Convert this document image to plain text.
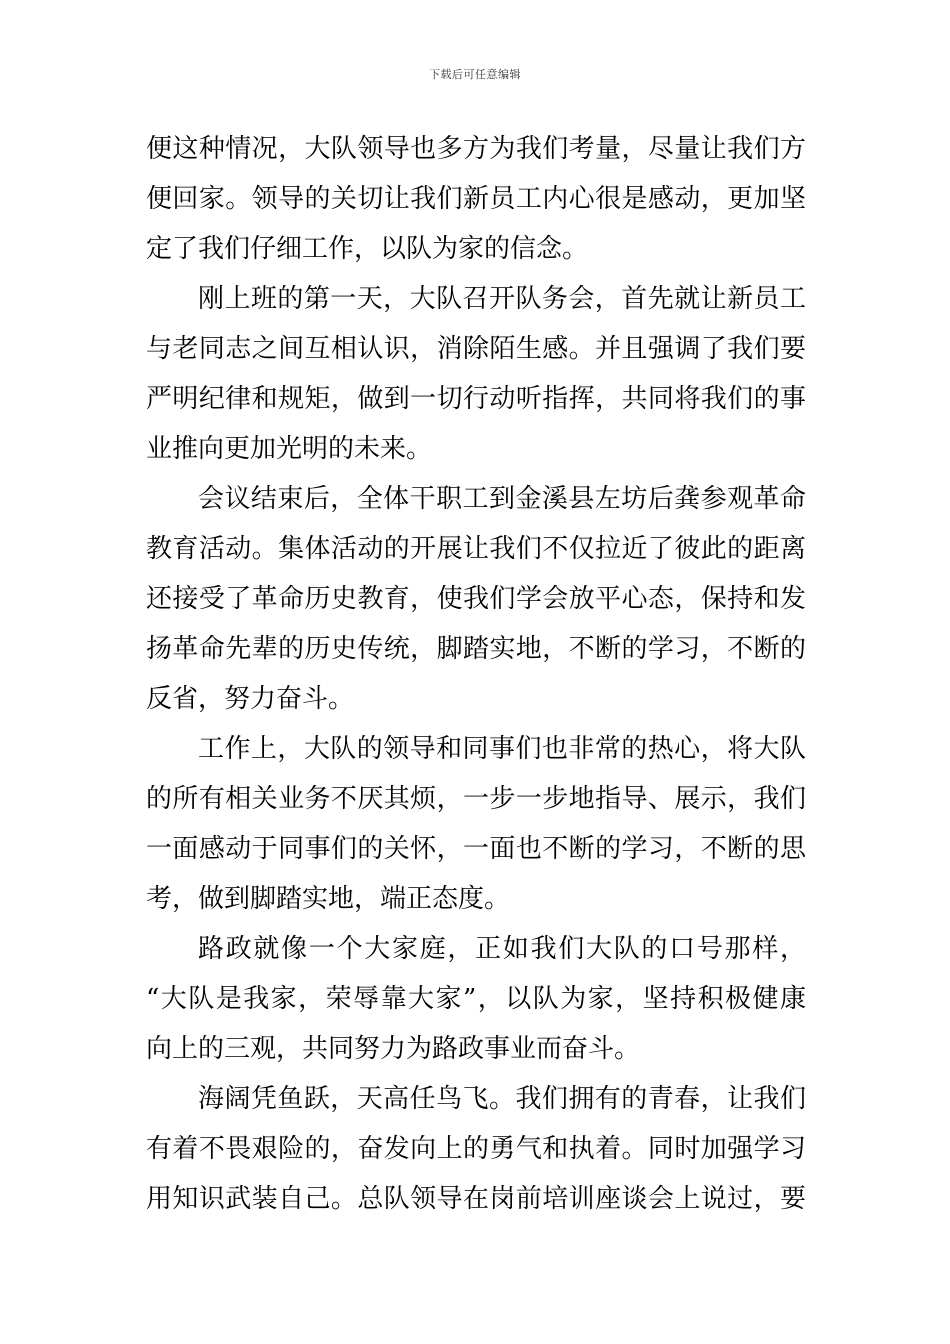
下载后可任意编辑
便这种情况，大队领导也多方为我们考量，尽量让我们方
便回家。领导的关切让我们新员工内心很是感动，更加坚
定了我们仔细工作，以队为家的信念。
刚上班的第一天，大队召开队务会，首先就让新员工
与老同志之间互相认识，消除陌生感。并且强调了我们要
严明纪律和规矩，做到一切行动听指挥，共同将我们的事
业推向更加光明的未来。
会议结束后，全体干职工到金溪县左坊后龚参观革命
教育活动。集体活动的开展让我们不仅拉近了彼此的距离
还接受了革命历史教育，使我们学会放平心态，保持和发
扬革命先辈的历史传统，脚踏实地，不断的学习，不断的
反省，努力奋斗。
工作上，大队的领导和同事们也非常的热心，将大队
的所有相关业务不厌其烦，一步一步地指导、展示，我们
一面感动于同事们的关怀，一面也不断的学习，不断的思
考，做到脚踏实地，端正态度。
路政就像一个大家庭，正如我们大队的口号那样，
“大队是我家，荣辱靠大家”，以队为家，坚持积极健康
向上的三观，共同努力为路政事业而奋斗。
海阔凭鱼跃，天高任鸟飞。我们拥有的青春，让我们
有着不畏艰险的，奋发向上的勇气和执着。同时加强学习
用知识武装自己。总队领导在岗前培训座谈会上说过，要
